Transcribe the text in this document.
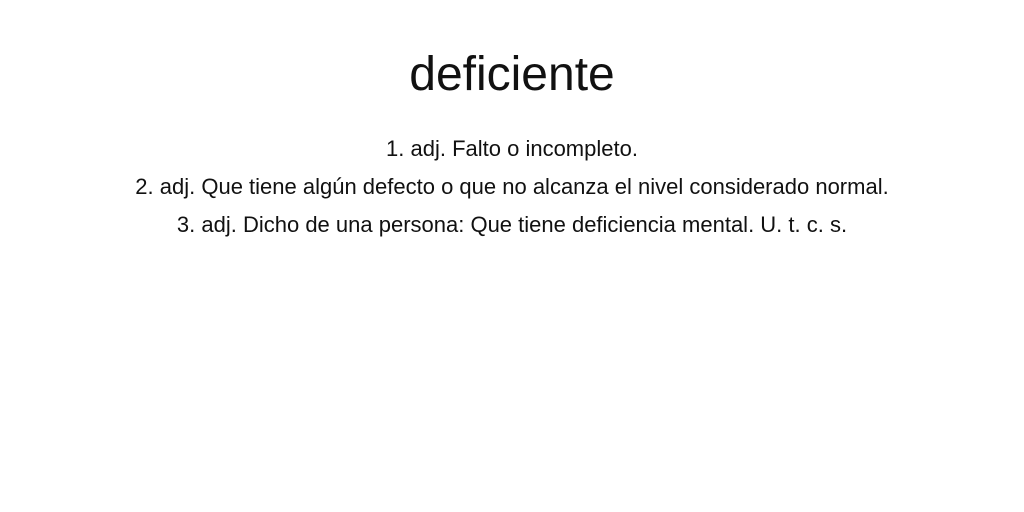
deficiente
1. adj. Falto o incompleto.
2. adj. Que tiene algún defecto o que no alcanza el nivel considerado normal.
3. adj. Dicho de una persona: Que tiene deficiencia mental. U. t. c. s.
